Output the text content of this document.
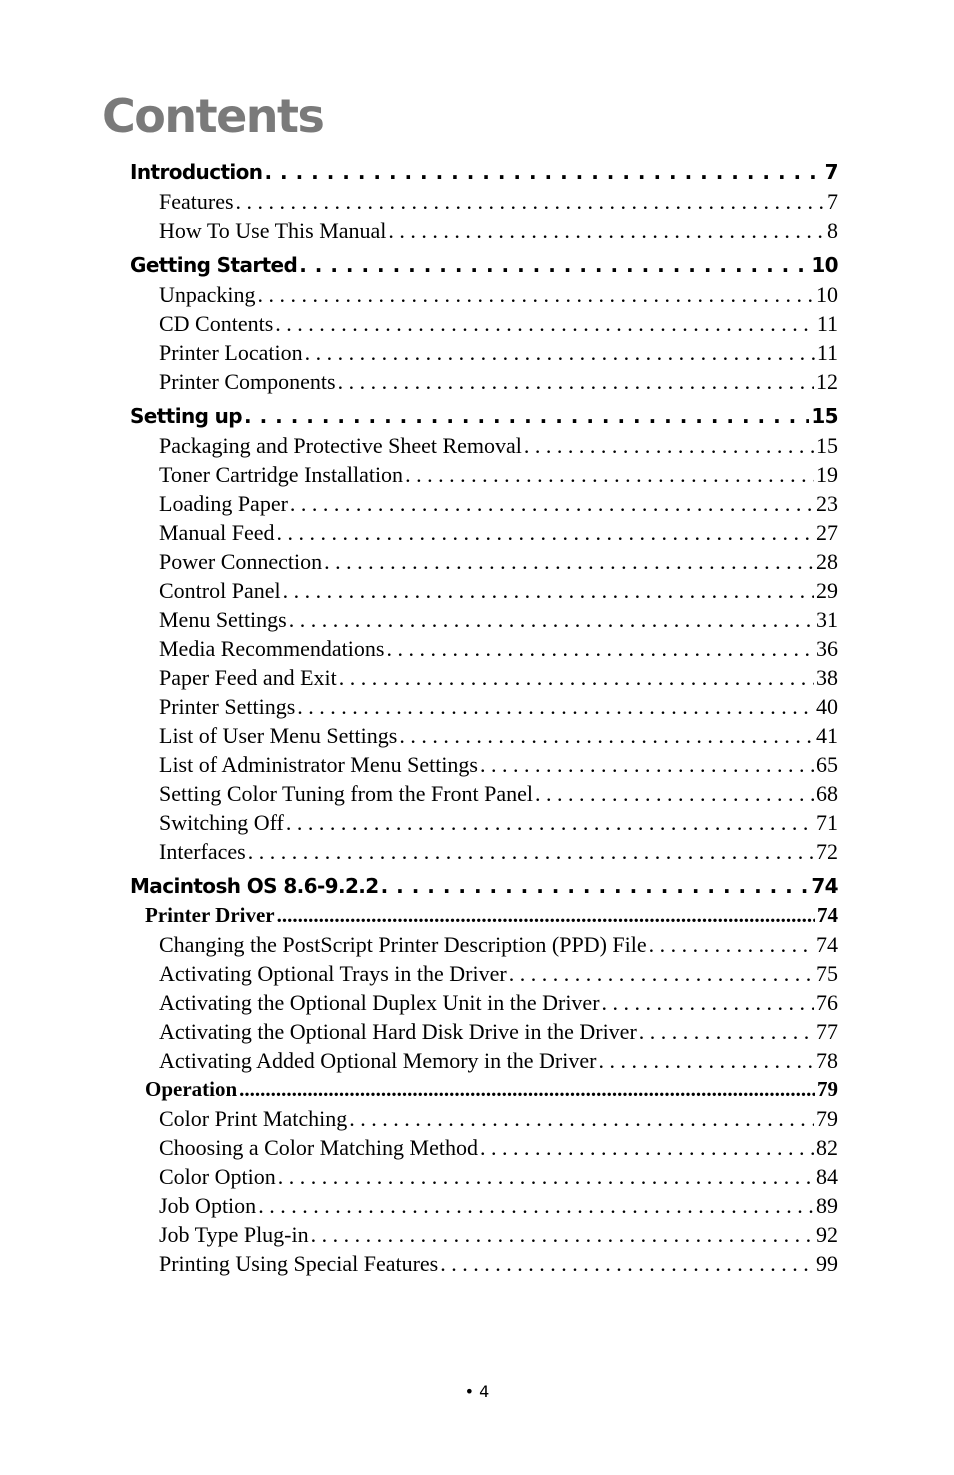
Contents
Introduction . . .	7
Features . . .	7
How To Use This Manual . . .	8
Getting Started . . .	10
Unpacking . . .	10
CD Contents . . .	11
Printer Location . . .	11
Printer Components . . .	12
Setting up . . .	15
Packaging and Protective Sheet Removal . . .	15
Toner Cartridge Installation . . .	19
Loading Paper . . .	23
Manual Feed . . .	27
Power Connection . . .	28
Control Panel . . .	29
Menu Settings . . .	31
Media Recommendations . . .	36
Paper Feed and Exit . . .	38
Printer Settings . . .	40
List of User Menu Settings . . .	41
List of Administrator Menu Settings . . .	65
Setting Color Tuning from the Front Panel . . .	68
Switching Off . . .	71
Interfaces . . .	72
Macintosh OS 8.6-9.2.2 . . .	74
Printer Driver .....	74
Changing the PostScript Printer Description (PPD) File . . .	74
Activating Optional Trays in the Driver . . .	75
Activating the Optional Duplex Unit in the Driver . . .	76
Activating the Optional Hard Disk Drive in the Driver . . .	77
Activating Added Optional Memory in the Driver . . .	78
Operation .....	79
Color Print Matching . . .	79
Choosing a Color Matching Method . . .	82
Color Option . . .	84
Job Option . . .	89
Job Type Plug-in . . .	92
Printing Using Special Features . . .	99
• 4
